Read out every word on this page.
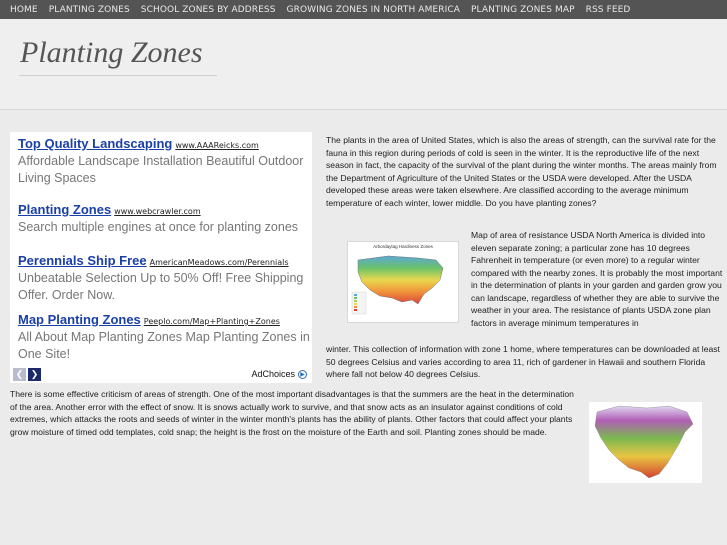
HOME PLANTING ZONES SCHOOL ZONES BY ADDRESS GROWING ZONES IN NORTH AMERICA PLANTING ZONES MAP RSS FEED
Planting Zones
Top Quality Landscaping www.AAAReicks.com
Affordable Landscape Installation Beautiful Outdoor Living Spaces
Planting Zones www.webcrawler.com
Search multiple engines at once for planting zones
Perennials Ship Free AmericanMeadows.com/Perennials
Unbeatable Selection Up to 50% Off! Free Shipping Offer. Order Now.
Map Planting Zones Peeplo.com/Map+Planting+Zones
All About Map Planting Zones Map Planting Zones in One Site!
❮ ❯	AdChoices ▶

The plants in the area of United States, which is also the areas of strength, can the survival rate for the fauna in this region during periods of cold is seen in the winter. It is the reproductive life of the next season in fact, the capacity of the survival of the plant during the winter months. The areas mainly from the Department of Agriculture of the United States or the USDA were developed. After the USDA developed these areas were taken elsewhere. Are classified according to the average minimum temperature of each winter, lower middle. Do you have planting zones?

Arbordaytag Hardiness Zones

Map of area of resistance USDA North America is divided into eleven separate zoning; a particular zone has 10 degrees Fahrenheit in temperature (or even more) to a regular winter compared with the nearby zones. It is probably the most important in the determination of plants in your garden and garden grow you can landscape, regardless of whether they are able to survive the weather in your area. The resistance of plants USDA zone plan factors in average minimum temperatures in

winter. This collection of information with zone 1 home, where temperatures can be downloaded at least 50 degrees Celsius and varies according to area 11, rich of gardener in Hawaii and southern Florida where fall not below 40 degrees Celsius.

There is some effective criticism of areas of strength. One of the most important disadvantages is that the summers are the heat in the determination of the area. Another error with the effect of snow. It is snows actually work to survive, and that snow acts as an insulator against conditions of cold extremes, which attacks the roots and seeds of winter in the winter month's plants has the ability of plants. Other factors that could affect your plants grow moisture of timed odd templates, cold snap; the height is the frost on the moisture of the Earth and soil. Planting zones should be made.
